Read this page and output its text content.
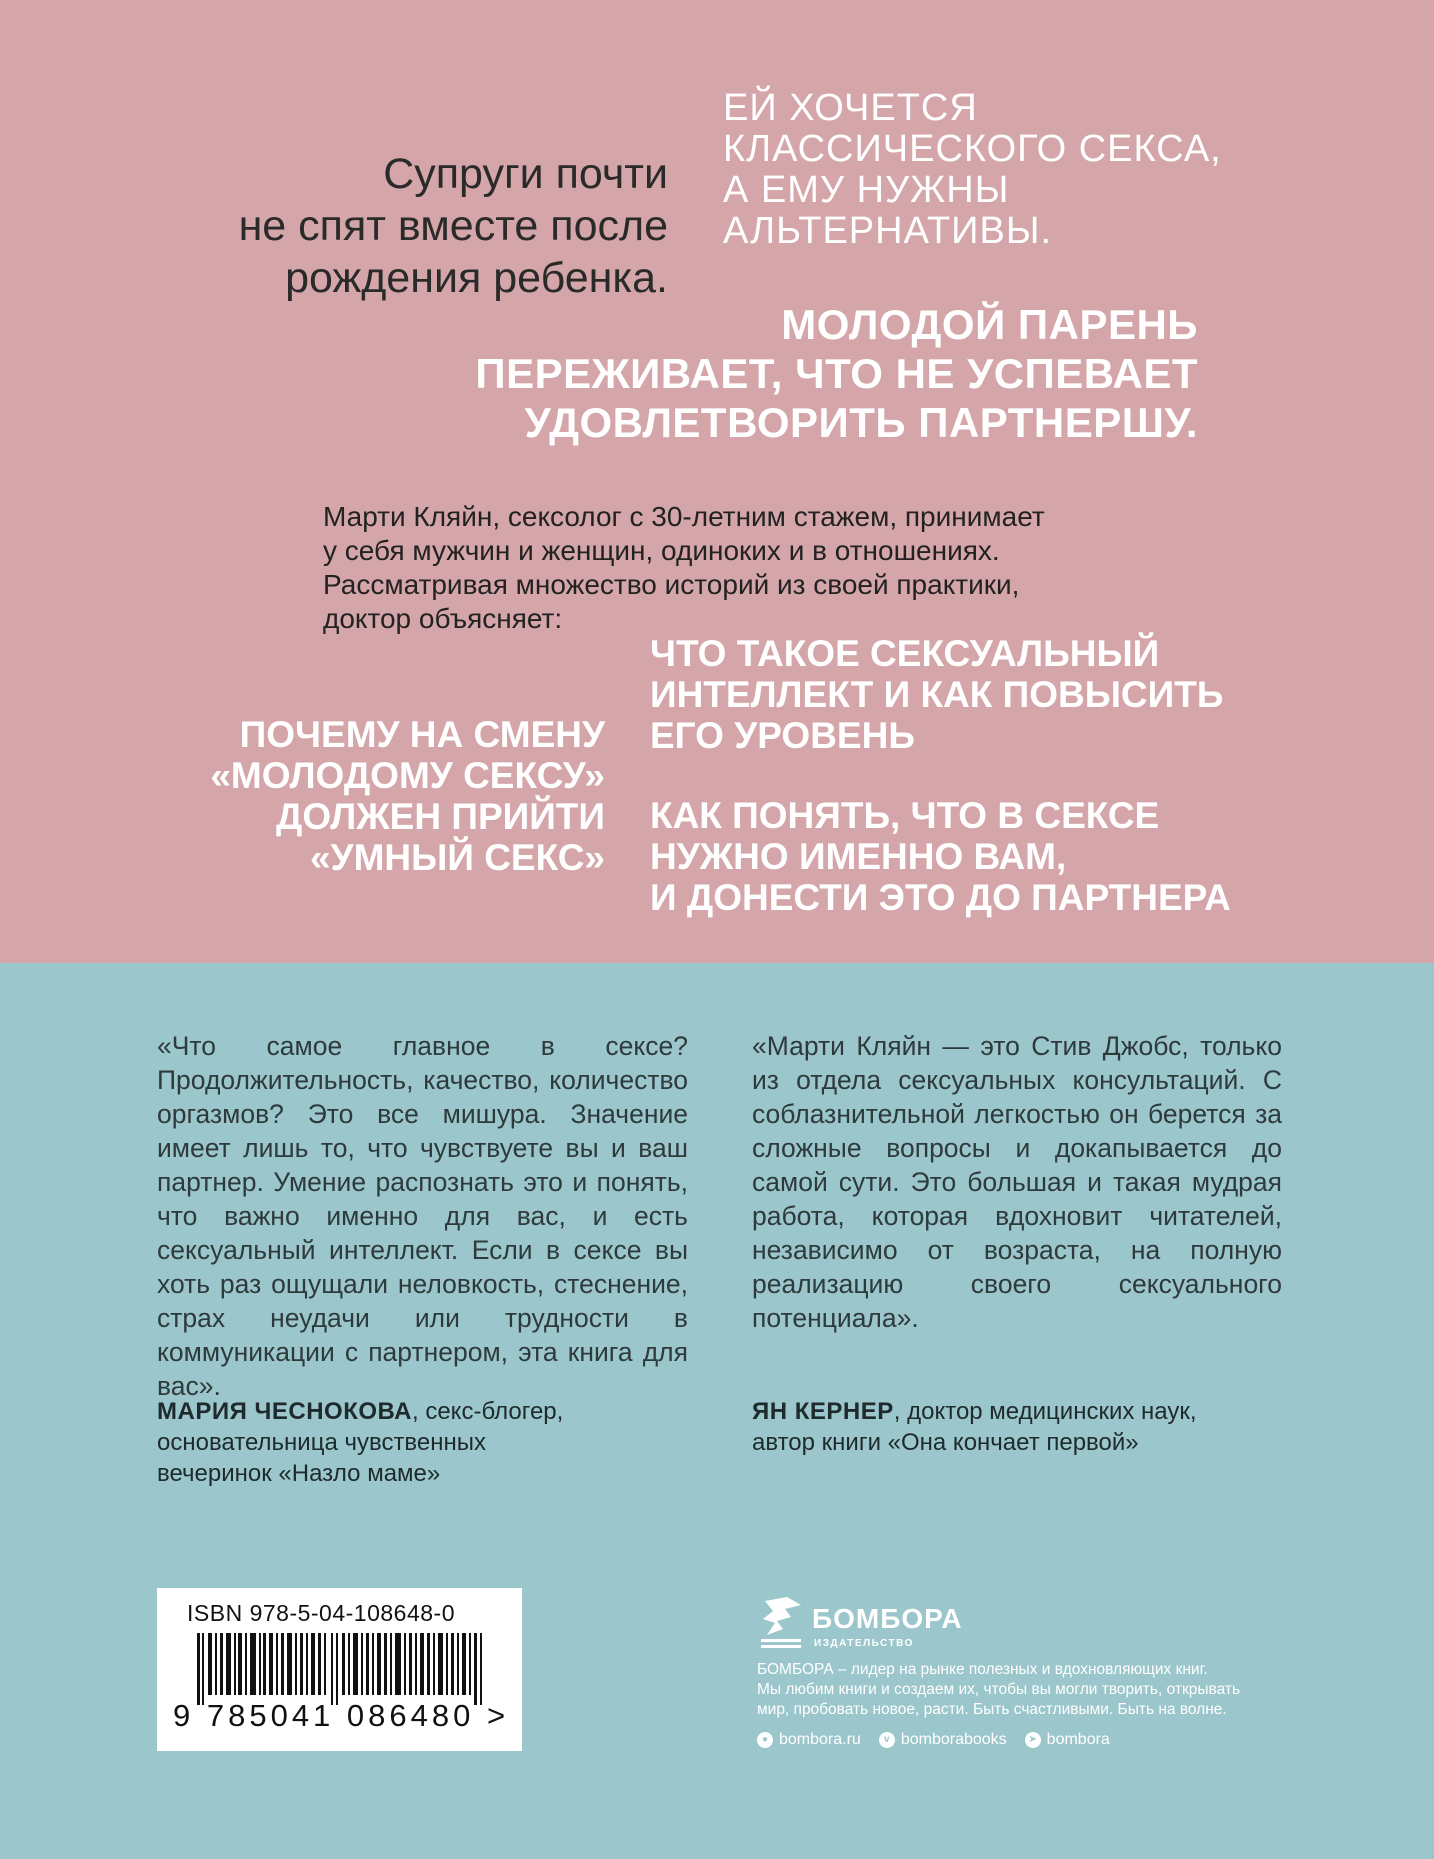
Супруги почти
не спят вместе после
рождения ребенка.
ЕЙ ХОЧЕТСЯ
КЛАССИЧЕСКОГО СЕКСА,
А ЕМУ НУЖНЫ
АЛЬТЕРНАТИВЫ.
МОЛОДОЙ ПАРЕНЬ
ПЕРЕЖИВАЕТ, ЧТО НЕ УСПЕВАЕТ
УДОВЛЕТВОРИТЬ ПАРТНЕРШУ.
Марти Кляйн, сексолог с 30-летним стажем, принимает
у себя мужчин и женщин, одиноких и в отношениях.
Рассматривая множество историй из своей практики,
доктор объясняет:
ЧТО ТАКОЕ СЕКСУАЛЬНЫЙ
ИНТЕЛЛЕКТ И КАК ПОВЫСИТЬ
ЕГО УРОВЕНЬ
ПОЧЕМУ НА СМЕНУ
«МОЛОДОМУ СЕКСУ»
ДОЛЖЕН ПРИЙТИ
«УМНЫЙ СЕКС»
КАК ПОНЯТЬ, ЧТО В СЕКСЕ
НУЖНО ИМЕННО ВАМ,
И ДОНЕСТИ ЭТО ДО ПАРТНЕРА
«Что самое главное в сексе? Продолжительность, качество, количество оргазмов? Это все мишура. Значение имеет лишь то, что чувствуете вы и ваш партнер. Умение распознать это и понять, что важно именно для вас, и есть сексуальный интеллект. Если в сексе вы хоть раз ощущали неловкость, стеснение, страх неудачи или трудности в коммуникации с партнером, эта книга для вас».
МАРИЯ ЧЕСНОКОВА, секс-блогер,
основательница чувственных
вечеринок «Назло маме»
«Марти Кляйн — это Стив Джобс, только из отдела сексуальных консультаций. С соблазнительной легкостью он берется за сложные вопросы и докапывается до самой сути. Это большая и такая мудрая работа, которая вдохновит читателей, независимо от возраста, на полную реализацию своего сексуального потенциала».
ЯН КЕРНЕР, доктор медицинских наук,
автор книги «Она кончает первой»
ISBN 978-5-04-108648-0
9 785041 086480 >
БОМБОРА
ИЗДАТЕЛЬСТВО
БОМБОРА – лидер на рынке полезных и вдохновляющих книг.
Мы любим книги и создаем их, чтобы вы могли творить, открывать
мир, пробовать новое, расти. Быть счастливыми. Быть на волне.
● bombora.ru	v bomborabooks	➤ bombora
